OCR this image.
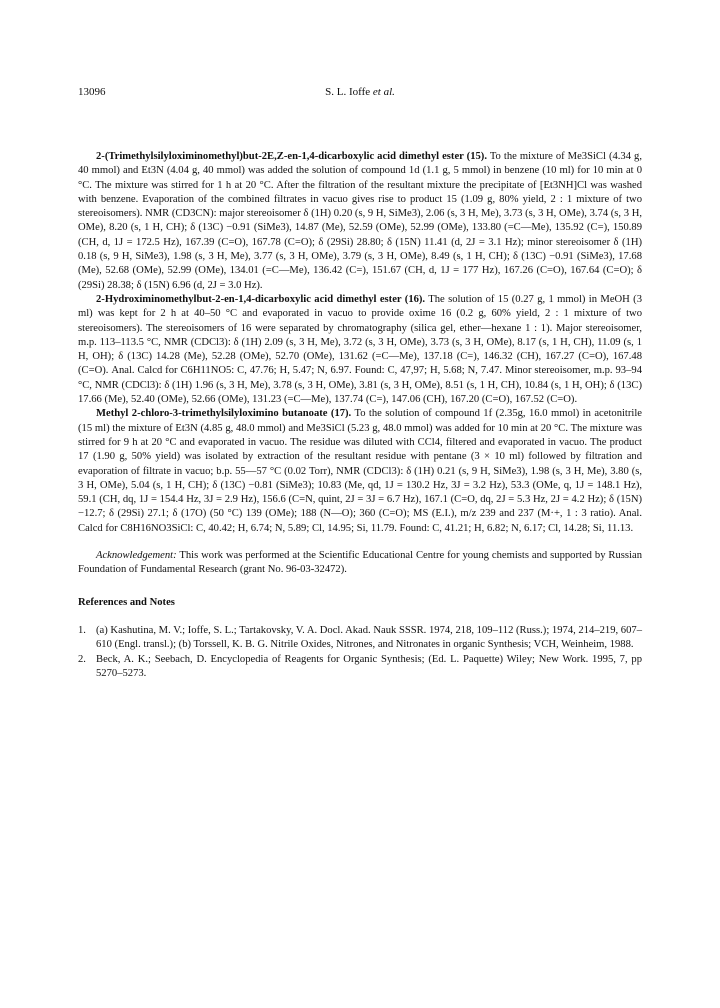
13096	S. L. Ioffe et al.

2-(Trimethylsilyloximinomethyl)but-2E,Z-en-1,4-dicarboxylic acid dimethyl ester (15). To the mixture of Me3SiCl (4.34 g, 40 mmol) and Et3N (4.04 g, 40 mmol) was added the solution of compound 1d (1.1 g, 5 mmol) in benzene (10 ml) for 10 min at 0 °C. The mixture was stirred for 1 h at 20 °C. After the filtration of the resultant mixture the precipitate of [Et3NH]Cl was washed with benzene. Evaporation of the combined filtrates in vacuo gives rise to product 15 (1.09 g, 80% yield, 2 : 1 mixture of two stereoisomers). NMR (CD3CN): major stereoisomer δ (1H) 0.20 (s, 9 H, SiMe3), 2.06 (s, 3 H, Me), 3.73 (s, 3 H, OMe), 3.74 (s, 3 H, OMe), 8.20 (s, 1 H, CH); δ (13C) −0.91 (SiMe3), 14.87 (Me), 52.59 (OMe), 52.99 (OMe), 133.80 (=C—Me), 135.92 (C=), 150.89 (CH, d, 1J = 172.5 Hz), 167.39 (C=O), 167.78 (C=O); δ (29Si) 28.80; δ (15N) 11.41 (d, 2J = 3.1 Hz); minor stereoisomer δ (1H) 0.18 (s, 9 H, SiMe3), 1.98 (s, 3 H, Me), 3.77 (s, 3 H, OMe), 3.79 (s, 3 H, OMe), 8.49 (s, 1 H, CH); δ (13C) −0.91 (SiMe3), 17.68 (Me), 52.68 (OMe), 52.99 (OMe), 134.01 (=C—Me), 136.42 (C=), 151.67 (CH, d, 1J = 177 Hz), 167.26 (C=O), 167.64 (C=O); δ (29Si) 28.38; δ (15N) 6.96 (d, 2J = 3.0 Hz).

2-Hydroximinomethylbut-2-en-1,4-dicarboxylic acid dimethyl ester (16). The solution of 15 (0.27 g, 1 mmol) in MeOH (3 ml) was kept for 2 h at 40–50 °C and evaporated in vacuo to provide oxime 16 (0.2 g, 60% yield, 2 : 1 mixture of two stereoisomers). The stereoisomers of 16 were separated by chromatography (silica gel, ether—hexane 1 : 1). Major stereoisomer, m.p. 113–113.5 °C, NMR (CDCl3): δ (1H) 2.09 (s, 3 H, Me), 3.72 (s, 3 H, OMe), 3.73 (s, 3 H, OMe), 8.17 (s, 1 H, CH), 11.09 (s, 1 H, OH); δ (13C) 14.28 (Me), 52.28 (OMe), 52.70 (OMe), 131.62 (=C—Me), 137.18 (C=), 146.32 (CH), 167.27 (C=O), 167.48 (C=O). Anal. Calcd for C6H11NO5: C, 47.76; H, 5.47; N, 6.97. Found: C, 47,97; H, 5.68; N, 7.47. Minor stereoisomer, m.p. 93–94 °C, NMR (CDCl3): δ (1H) 1.96 (s, 3 H, Me), 3.78 (s, 3 H, OMe), 3.81 (s, 3 H, OMe), 8.51 (s, 1 H, CH), 10.84 (s, 1 H, OH); δ (13C) 17.66 (Me), 52.40 (OMe), 52.66 (OMe), 131.23 (=C—Me), 137.74 (C=), 147.06 (CH), 167.20 (C=O), 167.52 (C=O).

Methyl 2-chloro-3-trimethylsilyloximino butanoate (17). To the solution of compound 1f (2.35g, 16.0 mmol) in acetonitrile (15 ml) the mixture of Et3N (4.85 g, 48.0 mmol) and Me3SiCl (5.23 g, 48.0 mmol) was added for 10 min at 20 °C. The mixture was stirred for 9 h at 20 °C and evaporated in vacuo. The residue was diluted with CCl4, filtered and evaporated in vacuo. The product 17 (1.90 g, 50% yield) was isolated by extraction of the resultant residue with pentane (3 × 10 ml) followed by filtration and evaporation of filtrate in vacuo; b.p. 55—57 °C (0.02 Torr), NMR (CDCl3): δ (1H) 0.21 (s, 9 H, SiMe3), 1.98 (s, 3 H, Me), 3.80 (s, 3 H, OMe), 5.04 (s, 1 H, CH); δ (13C) −0.81 (SiMe3); 10.83 (Me, qd, 1J = 130.2 Hz, 3J = 3.2 Hz), 53.3 (OMe, q, 1J = 148.1 Hz), 59.1 (CH, dq, 1J = 154.4 Hz, 3J = 2.9 Hz), 156.6 (C=N, quint, 2J = 3J = 6.7 Hz), 167.1 (C=O, dq, 2J = 5.3 Hz, 2J = 4.2 Hz); δ (15N) −12.7; δ (29Si) 27.1; δ (17O) (50 °C) 139 (OMe); 188 (N—O); 360 (C=O); MS (E.I.), m/z 239 and 237 (M·+, 1 : 3 ratio). Anal. Calcd for C8H16NO3SiCl: C, 40.42; H, 6.74; N, 5.89; Cl, 14.95; Si, 11.79. Found: C, 41.21; H, 6.82; N, 6.17; Cl, 14.28; Si, 11.13.

Acknowledgement: This work was performed at the Scientific Educational Centre for young chemists and supported by Russian Foundation of Fundamental Research (grant No. 96-03-32472).

References and Notes
1. (a) Kashutina, M. V.; Ioffe, S. L.; Tartakovsky, V. A. Docl. Akad. Nauk SSSR. 1974, 218, 109–112 (Russ.); 1974, 214–219, 607–610 (Engl. transl.); (b) Torssell, K. B. G. Nitrile Oxides, Nitrones, and Nitronates in organic Synthesis; VCH, Weinheim, 1988.
2. Beck, A. K.; Seebach, D. Encyclopedia of Reagents for Organic Synthesis; (Ed. L. Paquette) Wiley; New Work. 1995, 7, pp 5270–5273.
